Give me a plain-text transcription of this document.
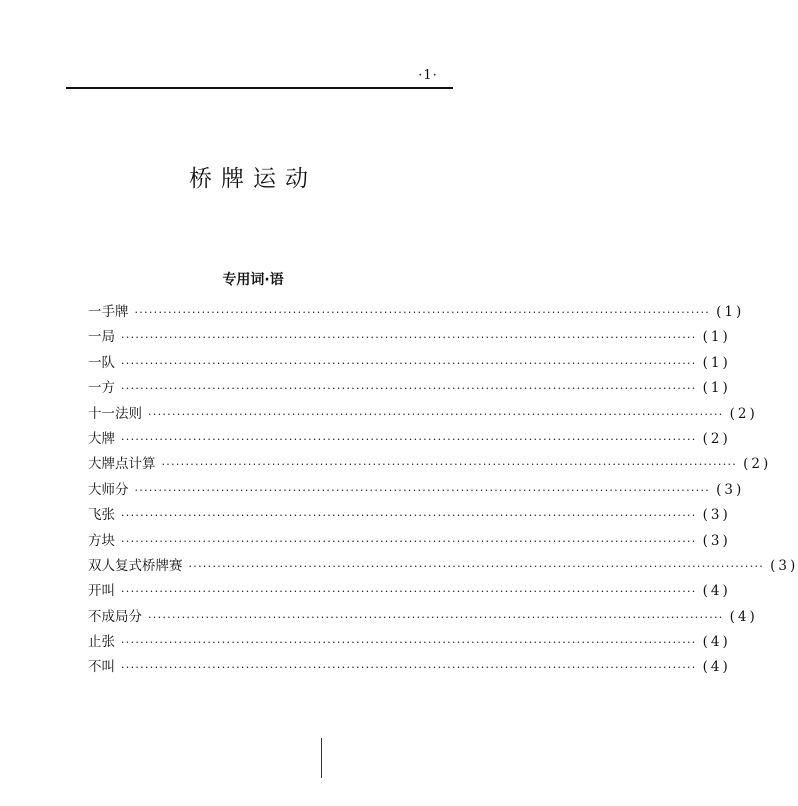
·1·
桥牌运动
专用词·语
一手牌 ························································································································ (1)
一局 ························································································································ (1)
一队 ························································································································ (1)
一方 ························································································································ (1)
十一法则 ························································································································ (2)
大牌 ························································································································ (2)
大牌点计算 ························································································································ (2)
大师分 ························································································································ (3)
飞张 ························································································································ (3)
方块 ························································································································ (3)
双人复式桥牌赛 ························································································································ (3)
开叫 ························································································································ (4)
不成局分 ························································································································ (4)
止张 ························································································································ (4)
不叫 ························································································································ (4)
